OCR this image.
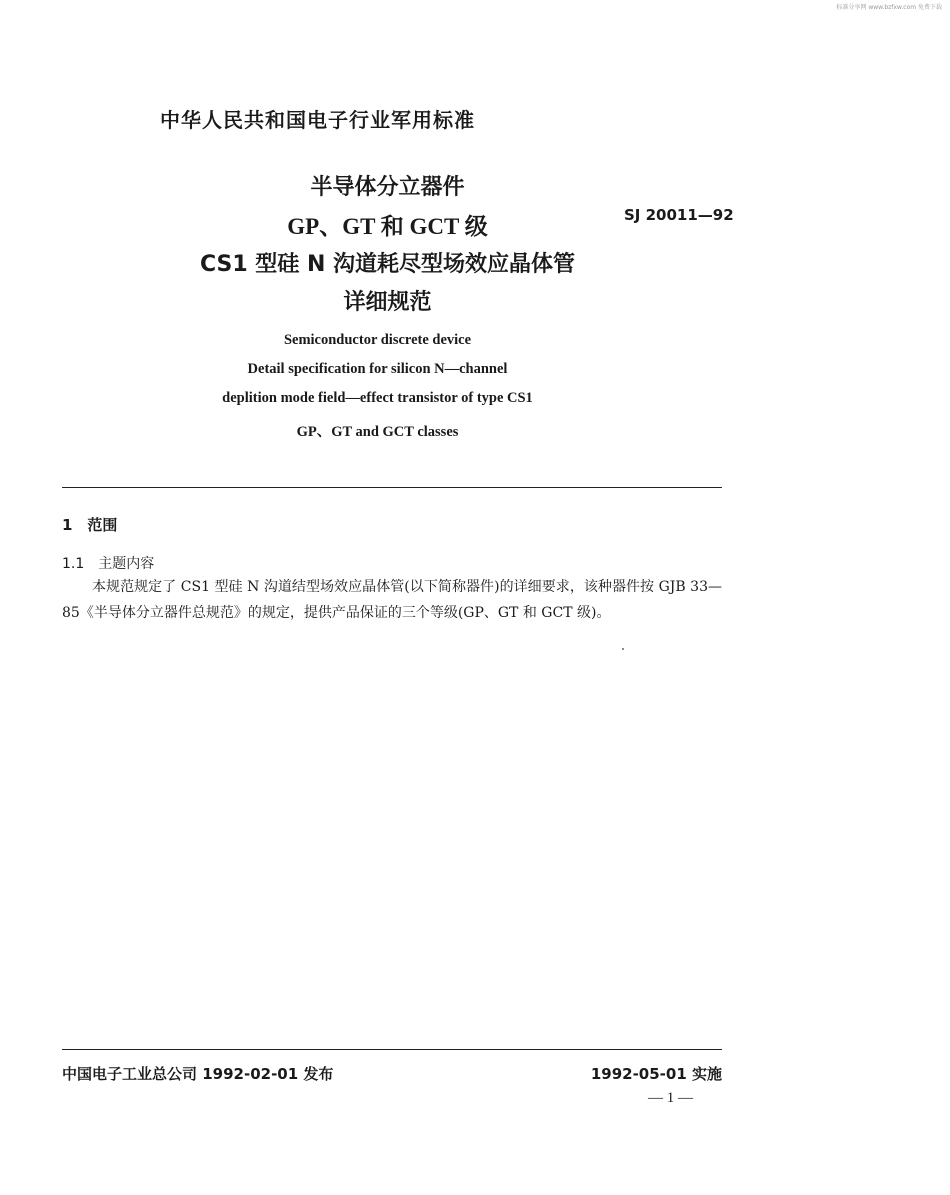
标准分享网 www.bzfxw.com 免费下载
中华人民共和国电子行业军用标准
半导体分立器件
GP、GT 和 GCT 级	SJ 20011—92
CS1 型硅 N 沟道耗尽型场效应晶体管
详细规范
Semiconductor discrete device
Detail specification for silicon N—channel
deplition mode field—effect transistor of type CS1
GP、GT and GCT classes
1　范围
1.1　主题内容

本规范规定了 CS1 型硅 N 沟道结型场效应晶体管(以下简称器件)的详细要求，该种器件按 GJB 33—85《半导体分立器件总规范》的规定，提供产品保证的三个等级(GP、GT 和 GCT 级)。

中国电子工业总公司 1992-02-01 发布	1992-05-01 实施
— 1 —
